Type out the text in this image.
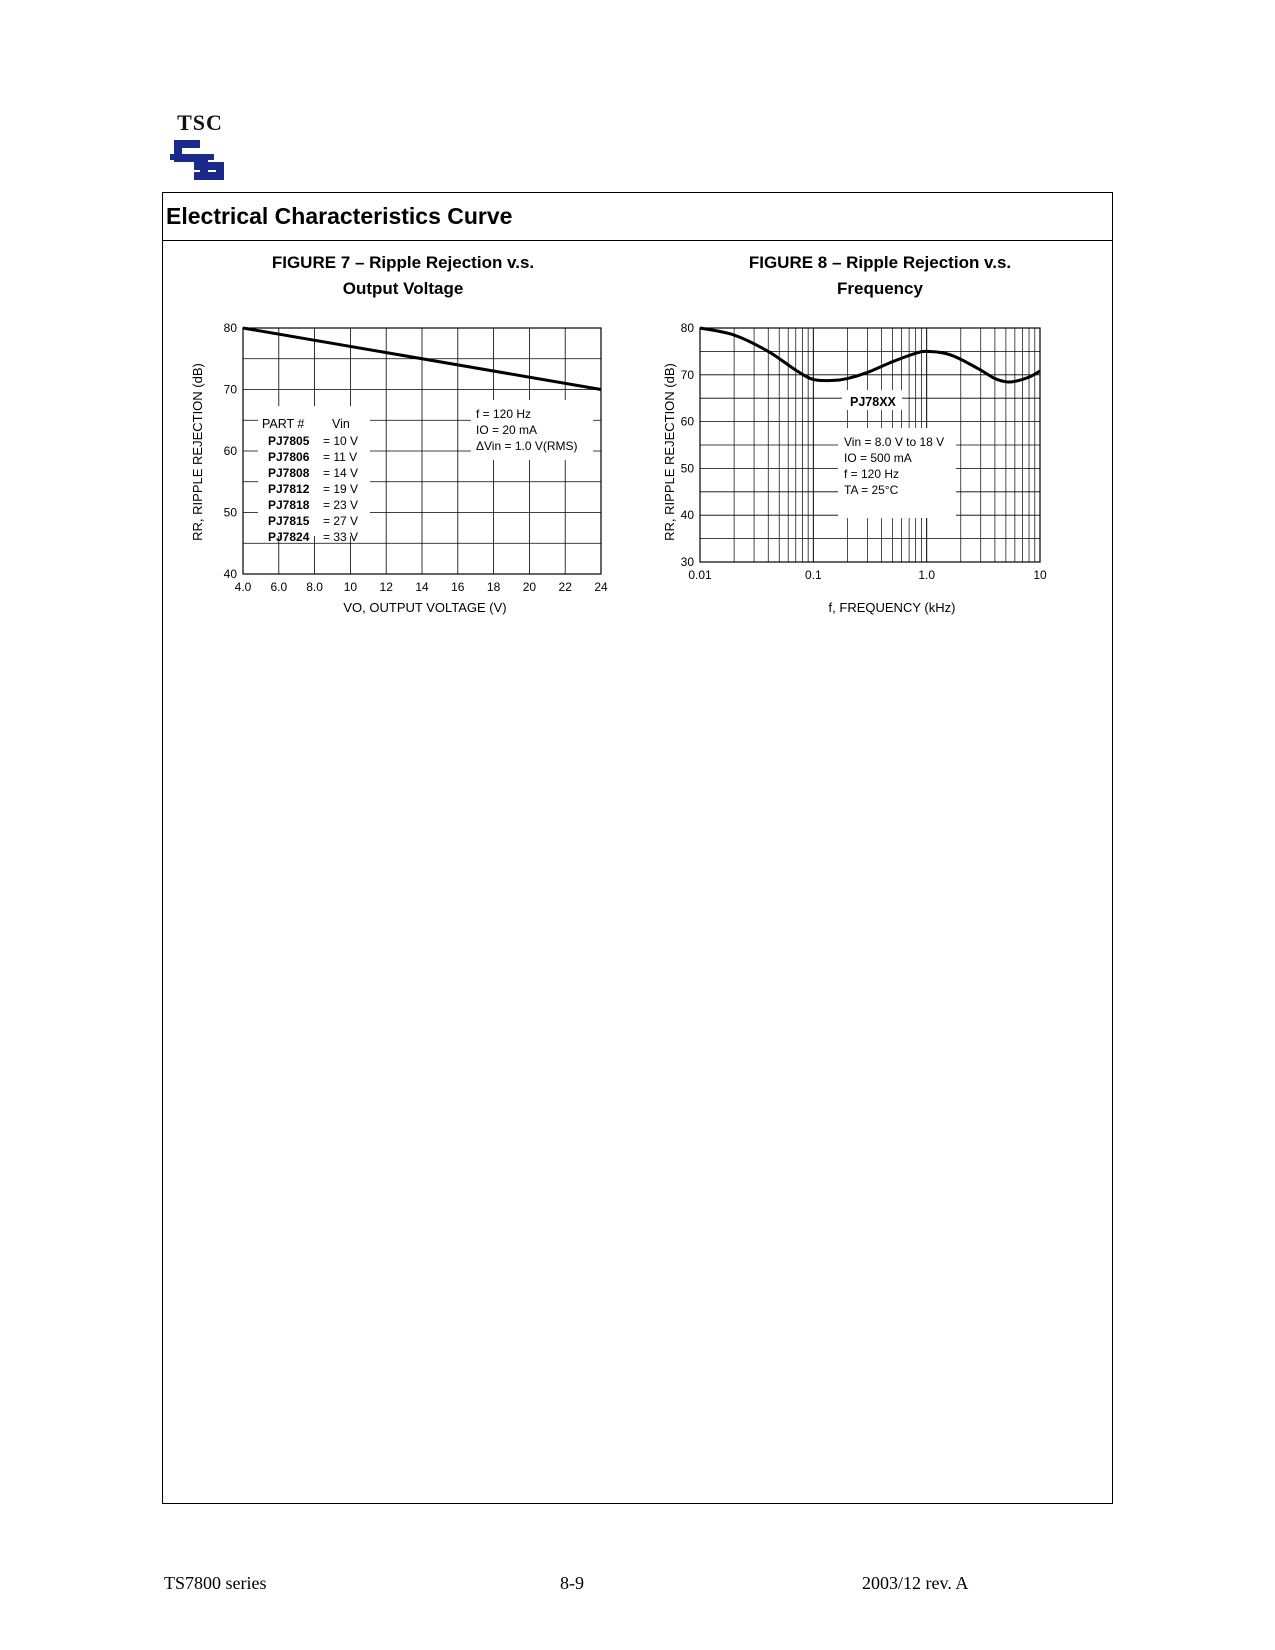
TSC
Electrical Characteristics Curve
FIGURE 7 – Ripple Rejection v.s.
Output Voltage
FIGURE 8 – Ripple Rejection v.s.
Frequency
4.0 6.0 8.0 10 12 14 16 18 20 22 24
80
70
60
50
40
RR, RIPPLE REJECTION (dB)
VO, OUTPUT VOLTAGE (V)
PART # Vin
PJ7805 = 10 V
PJ7806 = 11 V
PJ7808 = 14 V
PJ7812 = 19 V
PJ7818 = 23 V
PJ7815 = 27 V
PJ7824 = 33 V
f = 120 Hz
IO = 20 mA
ΔVin = 1.0 V(RMS)
0.01	0.1	1.0	10
80
70
60
50
40
30
RR, RIPPLE REJECTION (dB)
f, FREQUENCY (kHz)
PJ78XX
Vin = 8.0 V to 18 V
IO = 500 mA
f = 120 Hz
TA = 25°C
TS7800 series	8-9	2003/12 rev. A
